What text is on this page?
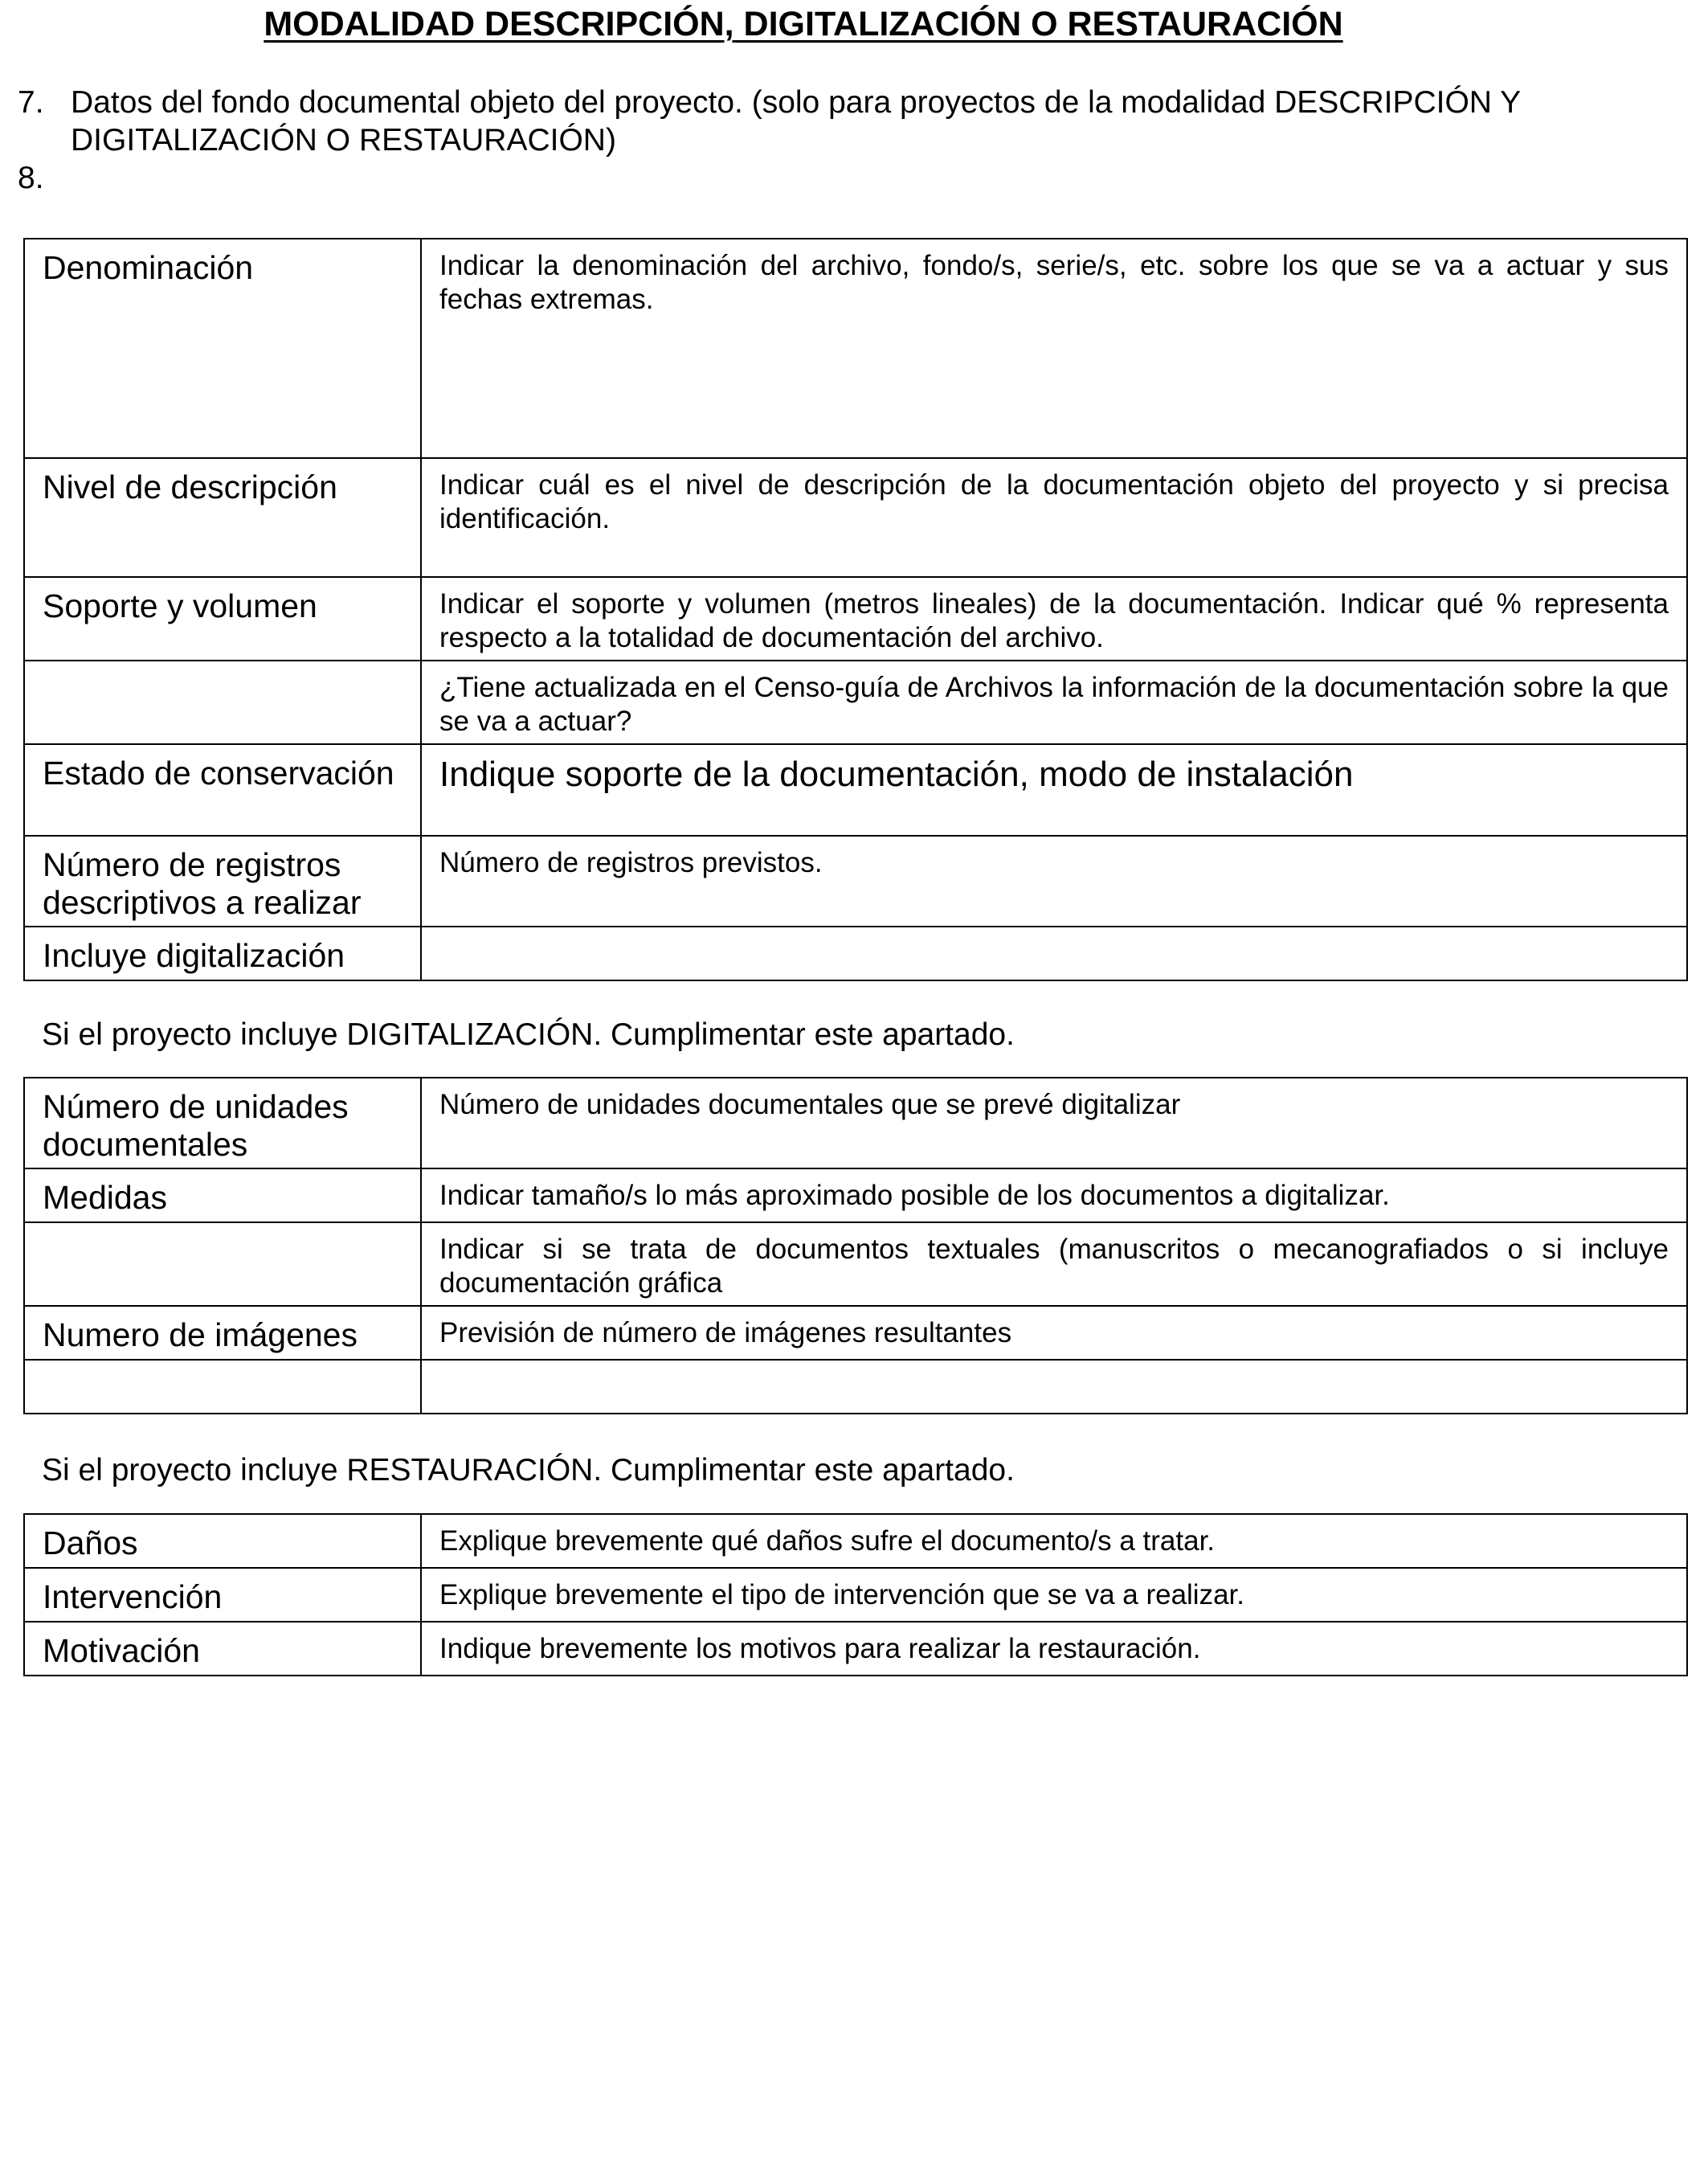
MODALIDAD DESCRIPCIÓN, DIGITALIZACIÓN O RESTAURACIÓN
7. Datos del fondo documental objeto del proyecto. (solo para proyectos de la modalidad DESCRIPCIÓN Y DIGITALIZACIÓN O RESTAURACIÓN)
8.
Denominación	Indicar la denominación del archivo, fondo/s, serie/s, etc. sobre los que se va a actuar y sus fechas extremas.
Nivel de descripción	Indicar cuál es el nivel de descripción de la documentación objeto del proyecto y si precisa identificación.
Soporte y volumen	Indicar el soporte y volumen (metros lineales) de la documentación. Indicar qué % representa respecto a la totalidad de documentación del archivo.
	¿Tiene actualizada en el Censo-guía de Archivos la información de la documentación sobre la que se va a actuar?
Estado de conservación	Indique soporte de la documentación, modo de instalación
Número de registros descriptivos a realizar	Número de registros previstos.
Incluye digitalización	
Si el proyecto incluye DIGITALIZACIÓN. Cumplimentar este apartado.
Número de unidades documentales	Número de unidades documentales que se prevé digitalizar
Medidas	Indicar tamaño/s lo más aproximado posible de los documentos a digitalizar.
	Indicar si se trata de documentos textuales (manuscritos o mecanografiados o si incluye documentación gráfica
Numero de imágenes	Previsión de número de imágenes resultantes

Si el proyecto incluye RESTAURACIÓN. Cumplimentar este apartado.
Daños	Explique brevemente qué daños sufre el documento/s a tratar.
Intervención	Explique brevemente el tipo de intervención que se va a realizar.
Motivación	Indique brevemente los motivos para realizar la restauración.
